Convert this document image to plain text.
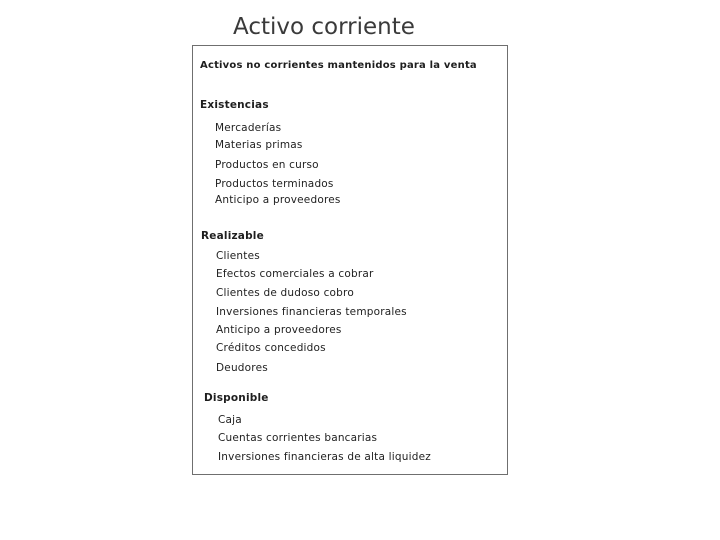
Activo corriente
Activos no corrientes mantenidos para la venta
Existencias
Mercaderías
Materias primas
Productos en curso
Productos terminados
Anticipo a proveedores
Realizable
Clientes
Efectos comerciales a cobrar
Clientes de dudoso cobro
Inversiones financieras temporales
Anticipo a proveedores
Créditos concedidos
Deudores
Disponible
Caja
Cuentas corrientes bancarias
Inversiones financieras de alta liquidez
